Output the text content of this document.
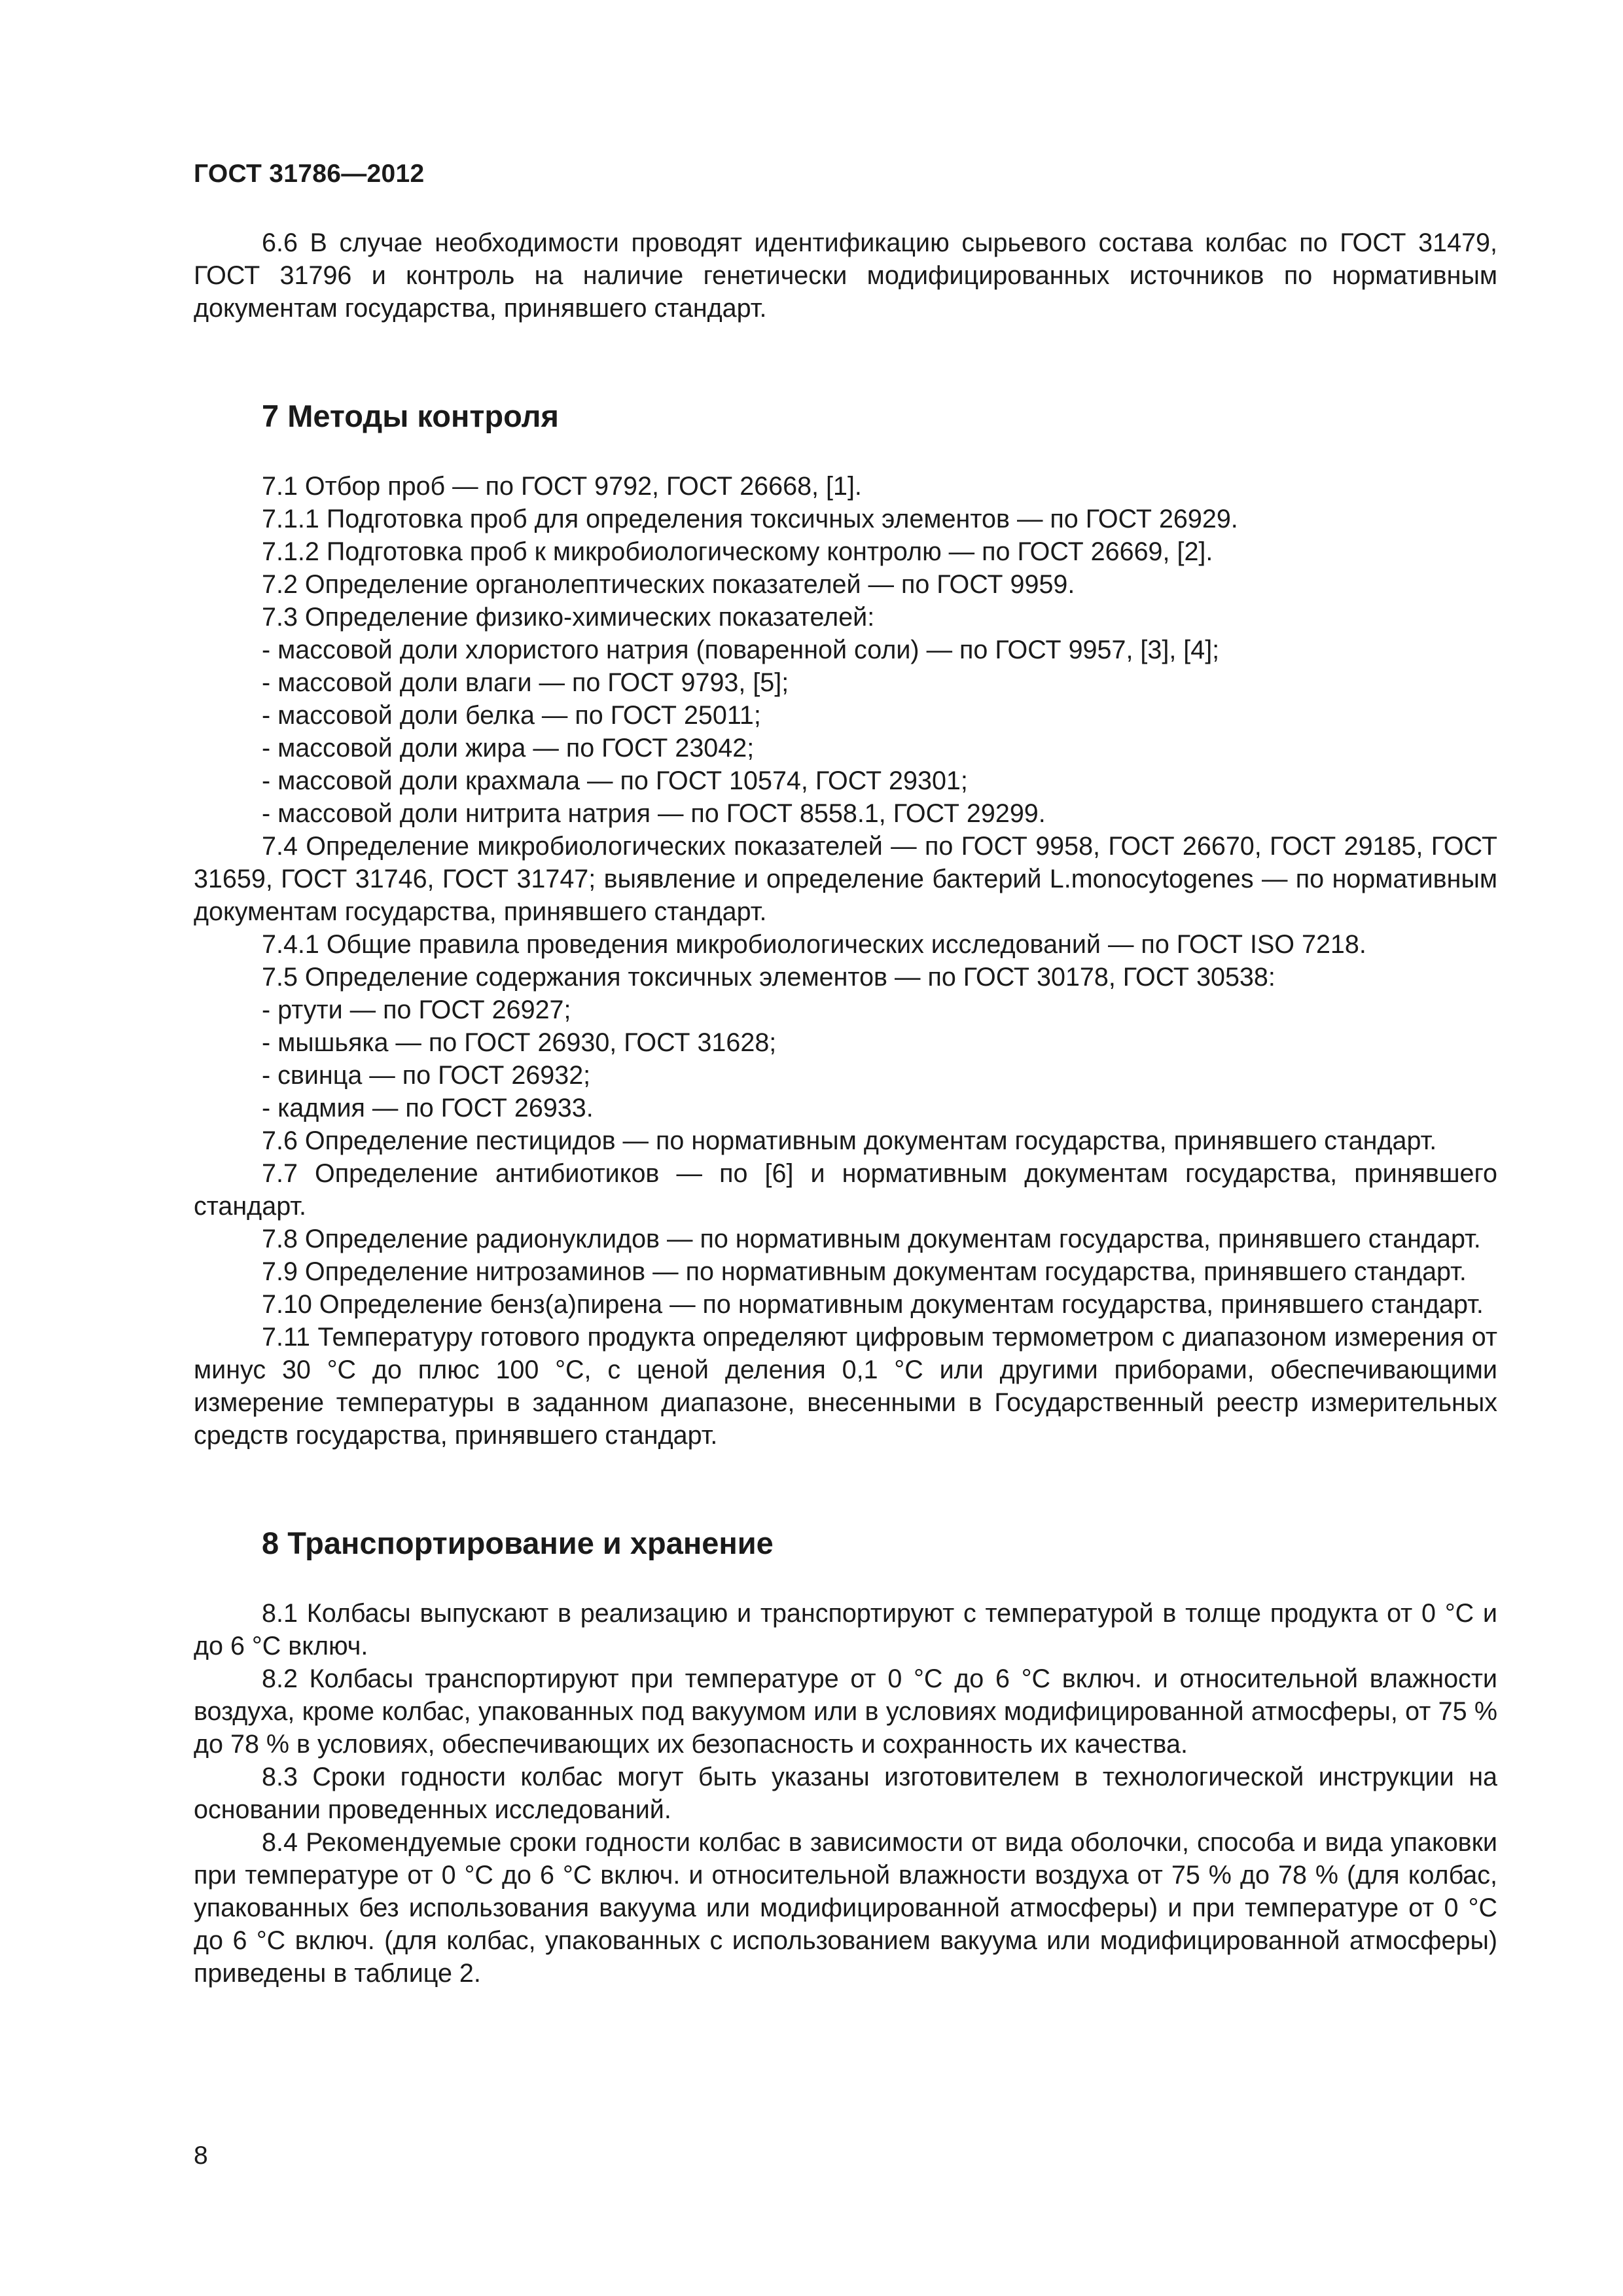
ГОСТ 31786—2012

6.6 В случае необходимости проводят идентификацию сырьевого состава колбас по ГОСТ 31479, ГОСТ 31796 и контроль на наличие генетически модифицированных источников по нормативным документам государства, принявшего стандарт.

7 Методы контроля

7.1 Отбор проб — по ГОСТ 9792, ГОСТ 26668, [1].

7.1.1 Подготовка проб для определения токсичных элементов — по ГОСТ 26929.

7.1.2 Подготовка проб к микробиологическому контролю — по ГОСТ 26669, [2].

7.2 Определение органолептических показателей — по ГОСТ 9959.

7.3 Определение физико-химических показателей:

- массовой доли хлористого натрия (поваренной соли) — по ГОСТ 9957, [3], [4];

- массовой доли влаги — по ГОСТ 9793, [5];

- массовой доли белка — по ГОСТ 25011;

- массовой доли жира — по ГОСТ 23042;

- массовой доли крахмала — по ГОСТ 10574, ГОСТ 29301;

- массовой доли нитрита натрия — по ГОСТ 8558.1, ГОСТ 29299.

7.4 Определение микробиологических показателей — по ГОСТ 9958, ГОСТ 26670, ГОСТ 29185, ГОСТ 31659, ГОСТ 31746, ГОСТ 31747; выявление и определение бактерий L.monocytogenes — по нормативным документам государства, принявшего стандарт.

7.4.1 Общие правила проведения микробиологических исследований — по ГОСТ ISO 7218.

7.5 Определение содержания токсичных элементов — по ГОСТ 30178, ГОСТ 30538:

- ртути — по ГОСТ 26927;

- мышьяка — по ГОСТ 26930, ГОСТ 31628;

- свинца — по ГОСТ 26932;

- кадмия — по ГОСТ 26933.

7.6 Определение пестицидов — по нормативным документам государства, принявшего стандарт.

7.7 Определение антибиотиков — по [6] и нормативным документам государства, принявшего стандарт.

7.8 Определение радионуклидов — по нормативным документам государства, принявшего стандарт.

7.9 Определение нитрозаминов — по нормативным документам государства, принявшего стандарт.

7.10 Определение бенз(а)пирена — по нормативным документам государства, принявшего стандарт.

7.11 Температуру готового продукта определяют цифровым термометром с диапазоном измерения от минус 30 °С до плюс 100 °С, с ценой деления 0,1 °С или другими приборами, обеспечивающими измерение температуры в заданном диапазоне, внесенными в Государственный реестр измерительных средств государства, принявшего стандарт.

8 Транспортирование и хранение

8.1 Колбасы выпускают в реализацию и транспортируют с температурой в толще продукта от 0 °С и до 6 °С включ.

8.2 Колбасы транспортируют при температуре от 0 °С до 6 °С включ. и относительной влажности воздуха, кроме колбас, упакованных под вакуумом или в условиях модифицированной атмосферы, от 75 % до 78 % в условиях, обеспечивающих их безопасность и сохранность их качества.

8.3 Сроки годности колбас могут быть указаны изготовителем в технологической инструкции на основании проведенных исследований.

8.4 Рекомендуемые сроки годности колбас в зависимости от вида оболочки, способа и вида упаковки при температуре от 0 °С до 6 °С включ. и относительной влажности воздуха от 75 % до 78 % (для колбас, упакованных без использования вакуума или модифицированной атмосферы) и при температуре от 0 °С до 6 °С включ. (для колбас, упакованных с использованием вакуума или модифицированной атмосферы) приведены в таблице 2.

8
